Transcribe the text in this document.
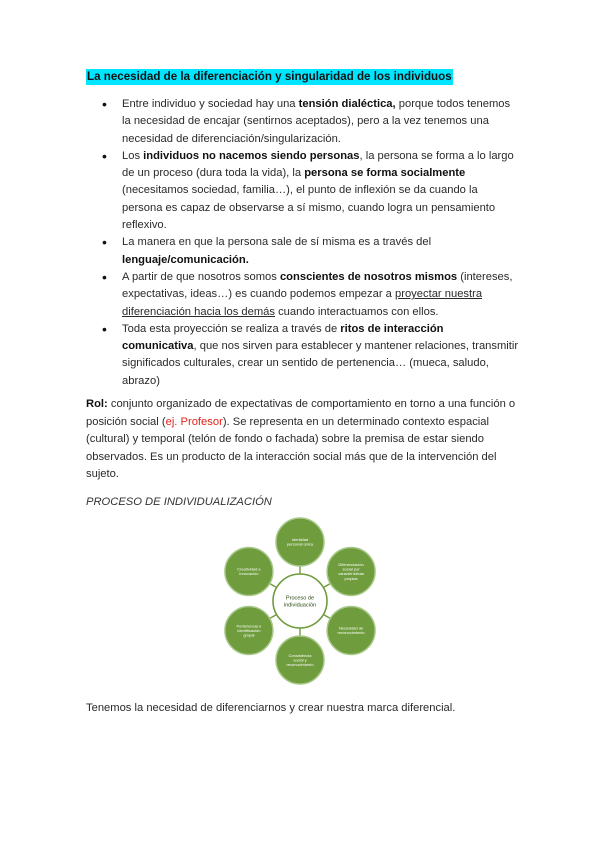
La necesidad de la diferenciación y singularidad de los individuos
• Entre individuo y sociedad hay una tensión dialéctica, porque todos tenemos la necesidad de encajar (sentirnos aceptados), pero a la vez tenemos una necesidad de diferenciación/singularización.
• Los individuos no nacemos siendo personas, la persona se forma a lo largo de un proceso (dura toda la vida), la persona se forma socialmente (necesitamos sociedad, familia…), el punto de inflexión se da cuando la persona es capaz de observarse a sí mismo, cuando logra un pensamiento reflexivo.
• La manera en que la persona sale de sí misma es a través del lenguaje/comunicación.
• A partir de que nosotros somos conscientes de nosotros mismos (intereses, expectativas, ideas…) es cuando podemos empezar a proyectar nuestra diferenciación hacia los demás cuando interactuamos con ellos.
• Toda esta proyección se realiza a través de ritos de interacción comunicativa, que nos sirven para establecer y mantener relaciones, transmitir significados culturales, crear un sentido de pertenencia… (mueca, saludo, abrazo)
Rol: conjunto organizado de expectativas de comportamiento en torno a una función o posición social (ej. Profesor). Se representa en un determinado contexto espacial (cultural) y temporal (telón de fondo o fachada) sobre la premisa de estar siendo observados. Es un producto de la interacción social más que de la intervención del sujeto.
PROCESO DE INDIVIDUALIZACIÓN
Identidad
personal única
Diferenciación
social por
características
propias
Necesidad de
reconocimiento
Consistencia
social y
reconocimiento
Pertenencia e
identificación
grupal
Creatividad e
innovación
Proceso de
individuación
Tenemos la necesidad de diferenciarnos y crear nuestra marca diferencial.
